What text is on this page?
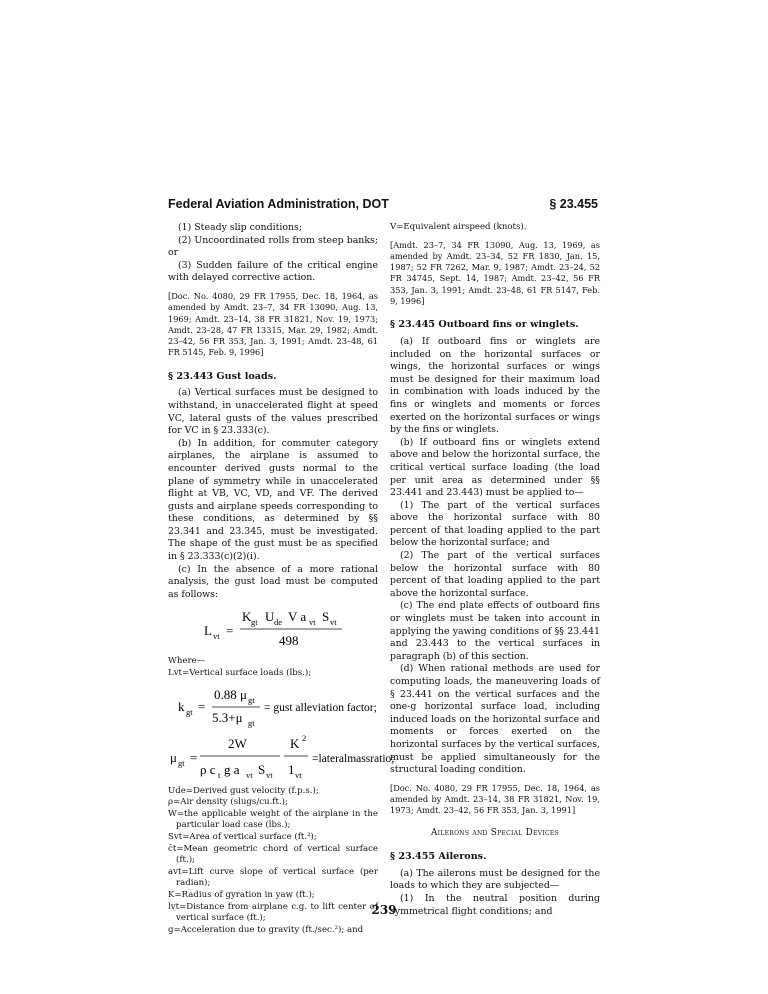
Federal Aviation Administration, DOT	§ 23.455

(1) Steady slip conditions;

(2) Uncoordinated rolls from steep banks; or

(3) Sudden failure of the critical engine with delayed corrective action.

[Doc. No. 4080, 29 FR 17955, Dec. 18, 1964, as amended by Amdt. 23–7, 34 FR 13090, Aug. 13, 1969; Amdt. 23–14, 38 FR 31821, Nov. 19, 1973; Amdt. 23–28, 47 FR 13315, Mar. 29, 1982; Amdt. 23–42, 56 FR 353, Jan. 3, 1991; Amdt. 23–48, 61 FR 5145, Feb. 9, 1996]

§ 23.443 Gust loads.

(a) Vertical surfaces must be designed to withstand, in unaccelerated flight at speed VC, lateral gusts of the values prescribed for VC in § 23.333(c).

(b) In addition, for commuter category airplanes, the airplane is assumed to encounter derived gusts normal to the plane of symmetry while in unaccelerated flight at VB, VC, VD, and VF. The derived gusts and airplane speeds corresponding to these conditions, as determined by §§ 23.341 and 23.345, must be investigated. The shape of the gust must be as specified in § 23.333(c)(2)(i).

(c) In the absence of a more rational analysis, the gust load must be computed as follows:

L vt =
K gt U de V a vt S vt
498

Where—

Lvt=Vertical surface loads (lbs.);

k gt =
0.88 μ gt
5.3+μ gt
= gust alleviation factor;
μ gt =
2W
ρ c t g a vt S vt
K 2
1 vt
=lateralmassratio;

Ude=Derived gust velocity (f.p.s.);

ρ=Air density (slugs/cu.ft.);

W=the applicable weight of the airplane in the particular load case (lbs.);

Svt=Area of vertical surface (ft.²);

c̄t=Mean geometric chord of vertical surface (ft.);

avt=Lift curve slope of vertical surface (per radian);

K=Radius of gyration in yaw (ft.);

lvt=Distance from airplane c.g. to lift center of vertical surface (ft.);

g=Acceleration due to gravity (ft./sec.²); and

V=Equivalent airspeed (knots).

[Amdt. 23–7, 34 FR 13090, Aug. 13, 1969, as amended by Amdt. 23–34, 52 FR 1830, Jan. 15, 1987; 52 FR 7262, Mar. 9, 1987; Amdt. 23–24, 52 FR 34745, Sept. 14, 1987; Amdt. 23–42, 56 FR 353, Jan. 3, 1991; Amdt. 23–48, 61 FR 5147, Feb. 9, 1996]

§ 23.445 Outboard fins or winglets.

(a) If outboard fins or winglets are included on the horizontal surfaces or wings, the horizontal surfaces or wings must be designed for their maximum load in combination with loads induced by the fins or winglets and moments or forces exerted on the horizontal surfaces or wings by the fins or winglets.

(b) If outboard fins or winglets extend above and below the horizontal surface, the critical vertical surface loading (the load per unit area as determined under §§ 23.441 and 23.443) must be applied to—

(1) The part of the vertical surfaces above the horizontal surface with 80 percent of that loading applied to the part below the horizontal surface; and

(2) The part of the vertical surfaces below the horizontal surface with 80 percent of that loading applied to the part above the horizontal surface.

(c) The end plate effects of outboard fins or winglets must be taken into account in applying the yawing conditions of §§ 23.441 and 23.443 to the vertical surfaces in paragraph (b) of this section.

(d) When rational methods are used for computing loads, the maneuvering loads of § 23.441 on the vertical surfaces and the one-g horizontal surface load, including induced loads on the horizontal surface and moments or forces exerted on the horizontal surfaces by the vertical surfaces, must be applied simultaneously for the structural loading condition.

[Doc. No. 4080, 29 FR 17955, Dec. 18, 1964, as amended by Amdt. 23–14, 38 FR 31821, Nov. 19, 1973; Amdt. 23–42, 56 FR 353, Jan. 3, 1991]

Ailerons and Special Devices

§ 23.455 Ailerons.

(a) The ailerons must be designed for the loads to which they are subjected—

(1) In the neutral position during symmetrical flight conditions; and

239
